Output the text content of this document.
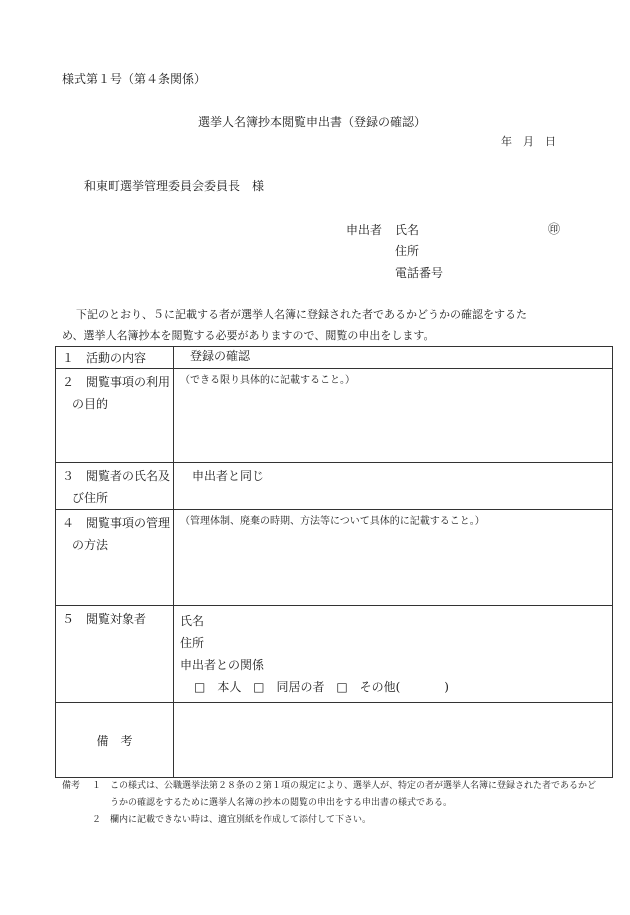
様式第１号（第４条関係）
選挙人名簿抄本閲覧申出書（登録の確認）
年　月　日
和東町選挙管理委員会委員長　様
申出者 氏名	㊞
住所
電話番号
下記のとおり、５に記載する者が選挙人名簿に登録された者であるかどうかの確認をするた
め、選挙人名簿抄本を閲覧する必要がありますので、閲覧の申出をします。
１　活動の内容	登録の確認

２　閲覧事項の利用
の目的	（できる限り具体的に記載すること。）

３　閲覧者の氏名及
び住所	申出者と同じ

４　閲覧事項の管理
の方法	（管理体制、廃棄の時期、方法等について具体的に記載すること。）

５　閲覧対象者	氏名
住所
申出者との関係
□　本人 □　同居の者 □　その他( )

備　考	
備考	１ この様式は、公職選挙法第２８条の２第１項の規定により、選挙人が、特定の者が選挙人名簿に登録された者であるかどうかの確認をするために選挙人名簿の抄本の閲覧の申出をする申出書の様式である。
２ 欄内に記載できない時は、適宜別紙を作成して添付して下さい。
